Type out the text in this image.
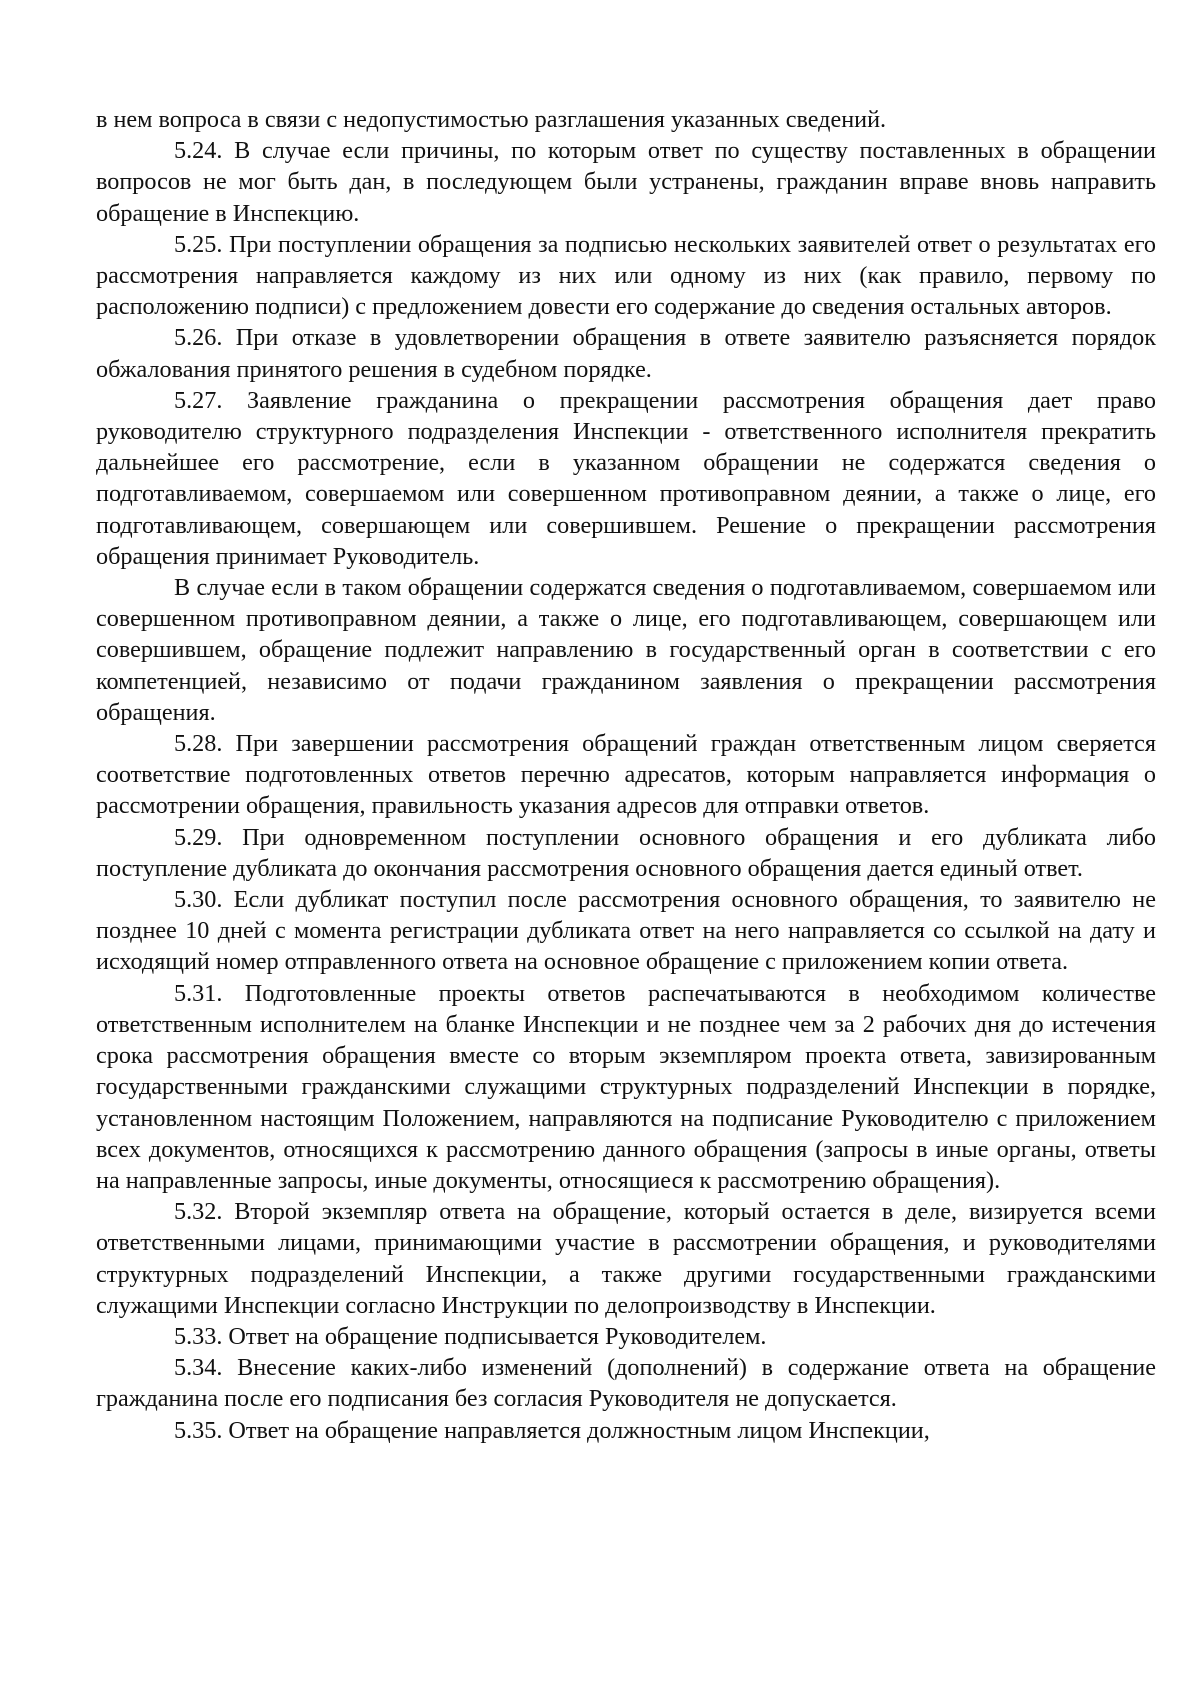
в нем вопроса в связи с недопустимостью разглашения указанных сведений.

5.24. В случае если причины, по которым ответ по существу поставленных в обращении вопросов не мог быть дан, в последующем были устранены, гражданин вправе вновь направить обращение в Инспекцию.

5.25. При поступлении обращения за подписью нескольких заявителей ответ о результатах его рассмотрения направляется каждому из них или одному из них (как правило, первому по расположению подписи) с предложением довести его содержание до сведения остальных авторов.

5.26. При отказе в удовлетворении обращения в ответе заявителю разъясняется порядок обжалования принятого решения в судебном порядке.

5.27. Заявление гражданина о прекращении рассмотрения обращения дает право руководителю структурного подразделения Инспекции - ответственного исполнителя прекратить дальнейшее его рассмотрение, если в указанном обращении не содержатся сведения о подготавливаемом, совершаемом или совершенном противоправном деянии, а также о лице, его подготавливающем, совершающем или совершившем. Решение о прекращении рассмотрения обращения принимает Руководитель.

В случае если в таком обращении содержатся сведения о подготавливаемом, совершаемом или совершенном противоправном деянии, а также о лице, его подготавливающем, совершающем или совершившем, обращение подлежит направлению в государственный орган в соответствии с его компетенцией, независимо от подачи гражданином заявления о прекращении рассмотрения обращения.

5.28. При завершении рассмотрения обращений граждан ответственным лицом сверяется соответствие подготовленных ответов перечню адресатов, которым направляется информация о рассмотрении обращения, правильность указания адресов для отправки ответов.

5.29. При одновременном поступлении основного обращения и его дубликата либо поступление дубликата до окончания рассмотрения основного обращения дается единый ответ.

5.30. Если дубликат поступил после рассмотрения основного обращения, то заявителю не позднее 10 дней с момента регистрации дубликата ответ на него направляется со ссылкой на дату и исходящий номер отправленного ответа на основное обращение с приложением копии ответа.

5.31. Подготовленные проекты ответов распечатываются в необходимом количестве ответственным исполнителем на бланке Инспекции и не позднее чем за 2 рабочих дня до истечения срока рассмотрения обращения вместе со вторым экземпляром проекта ответа, завизированным государственными гражданскими служащими структурных подразделений Инспекции в порядке, установленном настоящим Положением, направляются на подписание Руководителю с приложением всех документов, относящихся к рассмотрению данного обращения (запросы в иные органы, ответы на направленные запросы, иные документы, относящиеся к рассмотрению обращения).

5.32. Второй экземпляр ответа на обращение, который остается в деле, визируется всеми ответственными лицами, принимающими участие в рассмотрении обращения, и руководителями структурных подразделений Инспекции, а также другими государственными гражданскими служащими Инспекции согласно Инструкции по делопроизводству в Инспекции.

5.33. Ответ на обращение подписывается Руководителем.

5.34. Внесение каких-либо изменений (дополнений) в содержание ответа на обращение гражданина после его подписания без согласия Руководителя не допускается.

5.35. Ответ на обращение направляется должностным лицом Инспекции,
